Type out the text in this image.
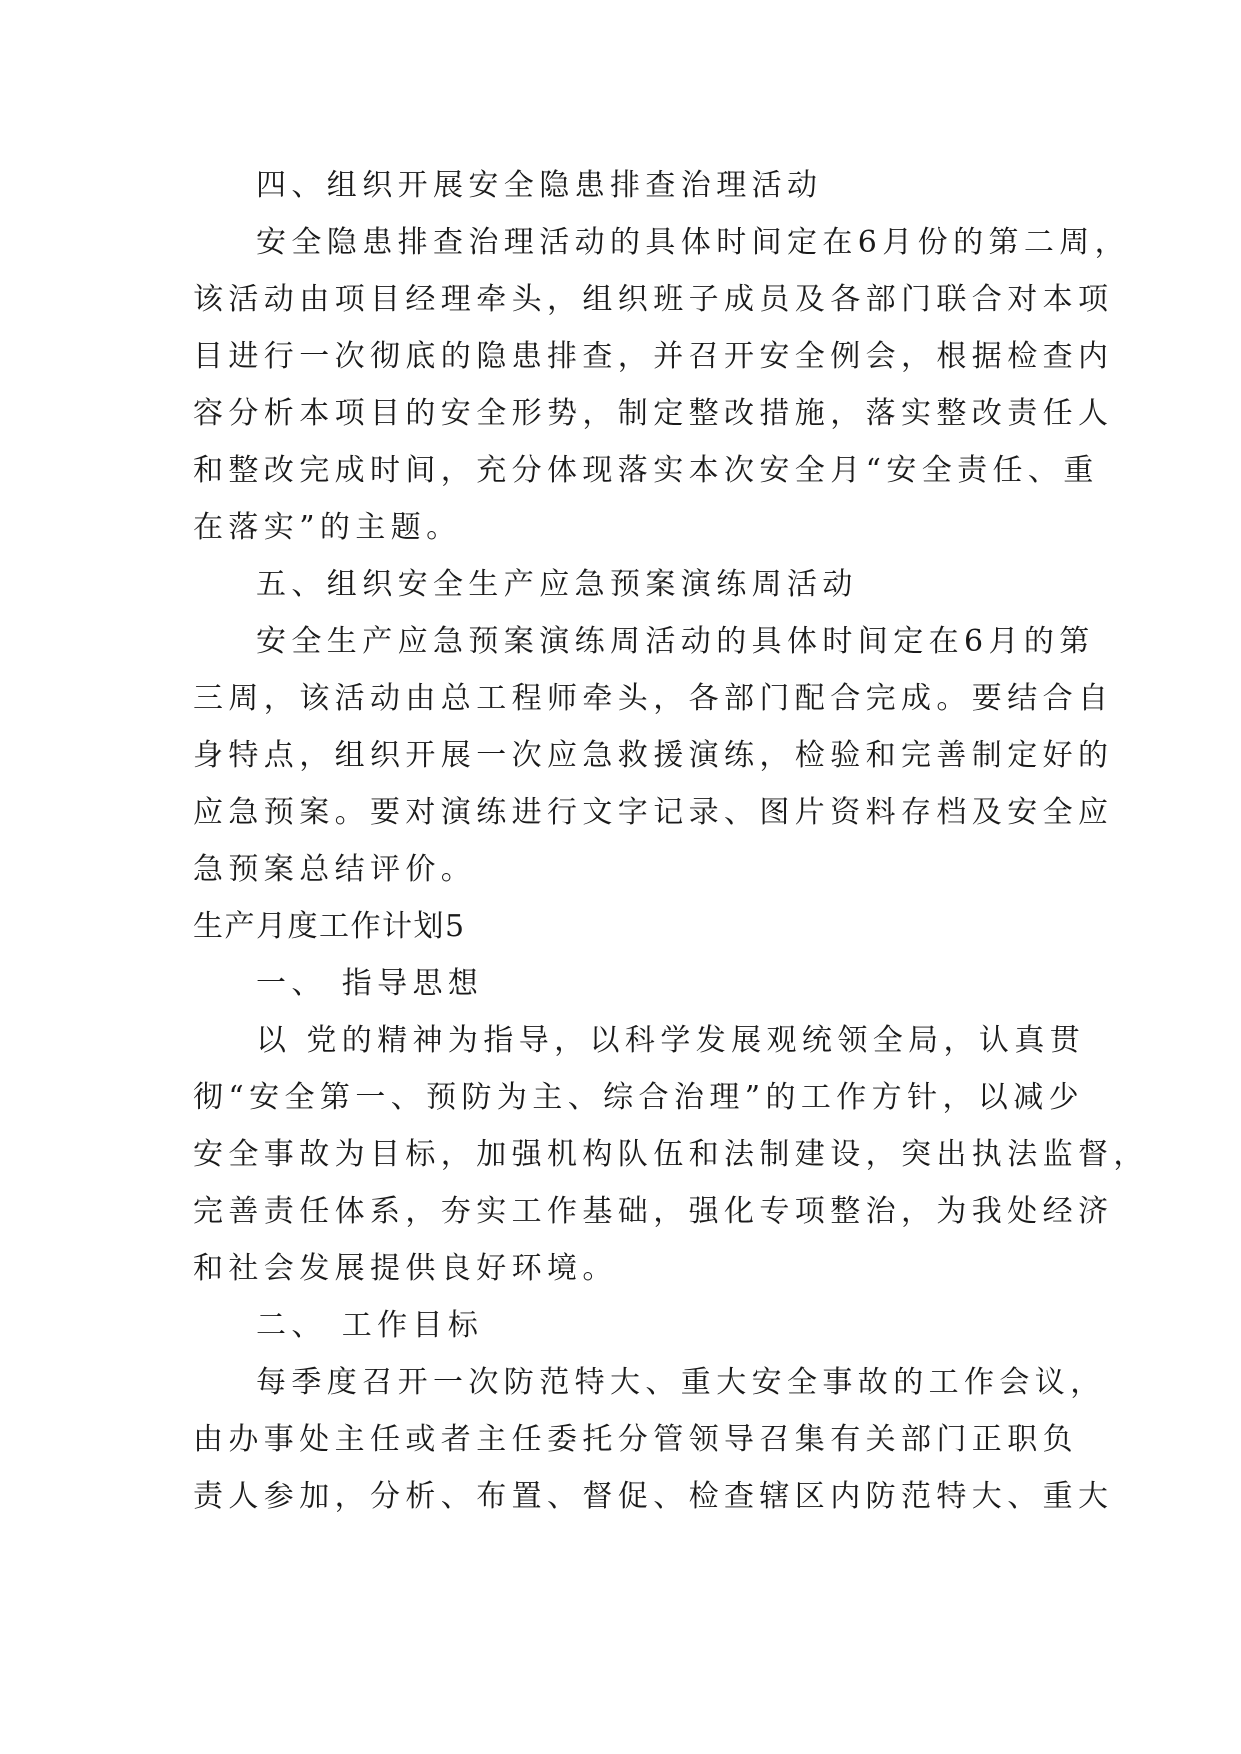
四、组织开展安全隐患排查治理活动
安全隐患排查治理活动的具体时间定在6月份的第二周，
该活动由项目经理牵头，组织班子成员及各部门联合对本项
目进行一次彻底的隐患排查，并召开安全例会，根据检查内
容分析本项目的安全形势，制定整改措施，落实整改责任人
和整改完成时间，充分体现落实本次安全月“安全责任、重
在落实”的主题。
五、组织安全生产应急预案演练周活动
安全生产应急预案演练周活动的具体时间定在6月的第
三周，该活动由总工程师牵头，各部门配合完成。要结合自
身特点，组织开展一次应急救援演练，检验和完善制定好的
应急预案。要对演练进行文字记录、图片资料存档及安全应
急预案总结评价。
生产月度工作计划5
一、 指导思想
以 党的精神为指导，以科学发展观统领全局，认真贯
彻“安全第一、预防为主、综合治理”的工作方针，以减少
安全事故为目标，加强机构队伍和法制建设，突出执法监督，
完善责任体系，夯实工作基础，强化专项整治，为我处经济
和社会发展提供良好环境。
二、 工作目标
每季度召开一次防范特大、重大安全事故的工作会议，
由办事处主任或者主任委托分管领导召集有关部门正职负
责人参加，分析、布置、督促、检查辖区内防范特大、重大
